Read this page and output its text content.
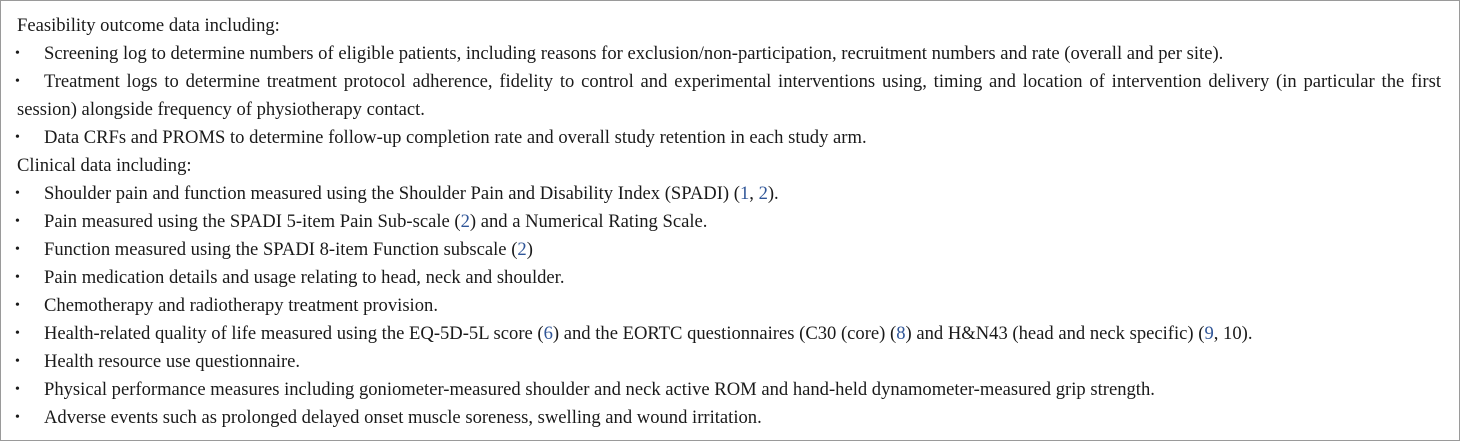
Feasibility outcome data including:
•	Screening log to determine numbers of eligible patients, including reasons for exclusion/non-participation, recruitment numbers and rate (overall and per site).
•	Treatment logs to determine treatment protocol adherence, fidelity to control and experimental interventions using, timing and location of intervention delivery (in particular the first session) alongside frequency of physiotherapy contact.
•	Data CRFs and PROMS to determine follow-up completion rate and overall study retention in each study arm.
Clinical data including:
•	Shoulder pain and function measured using the Shoulder Pain and Disability Index (SPADI) (1, 2).
•	Pain measured using the SPADI 5-item Pain Sub-scale (2) and a Numerical Rating Scale.
•	Function measured using the SPADI 8-item Function subscale (2)
•	Pain medication details and usage relating to head, neck and shoulder.
•	Chemotherapy and radiotherapy treatment provision.
•	Health-related quality of life measured using the EQ-5D-5L score (6) and the EORTC questionnaires (C30 (core) (8) and H&N43 (head and neck specific) (9, 10).
•	Health resource use questionnaire.
•	Physical performance measures including goniometer-measured shoulder and neck active ROM and hand-held dynamometer-measured grip strength.
•	Adverse events such as prolonged delayed onset muscle soreness, swelling and wound irritation.
